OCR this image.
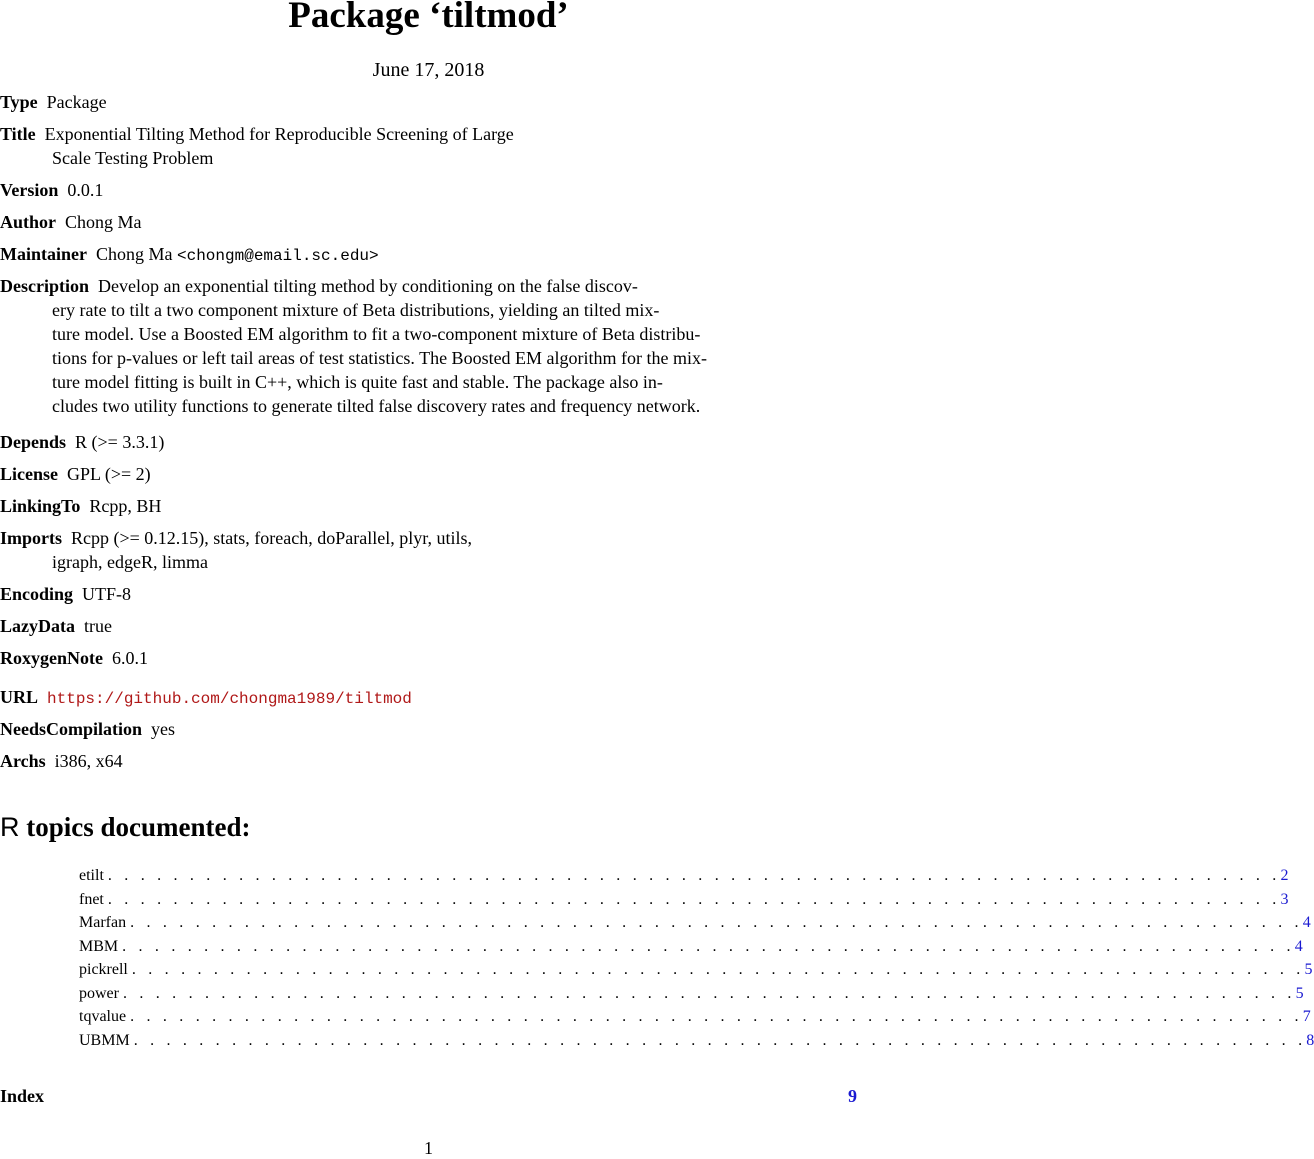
Package ‘tiltmod’
June 17, 2018
Type Package
Title Exponential Tilting Method for Reproducible Screening of Large
Scale Testing Problem
Version 0.0.1
Author Chong Ma
Maintainer Chong Ma <chongm@email.sc.edu>
Description Develop an exponential tilting method by conditioning on the false discov-
ery rate to tilt a two component mixture of Beta distributions, yielding an tilted mix-
ture model. Use a Boosted EM algorithm to fit a two-component mixture of Beta distribu-
tions for p-values or left tail areas of test statistics. The Boosted EM algorithm for the mix-
ture model fitting is built in C++, which is quite fast and stable. The package also in-
cludes two utility functions to generate tilted false discovery rates and frequency network.
Depends R (>= 3.3.1)
License GPL (>= 2)
LinkingTo Rcpp, BH
Imports Rcpp (>= 0.12.15), stats, foreach, doParallel, plyr, utils,
igraph, edgeR, limma
Encoding UTF-8
LazyData true
RoxygenNote 6.0.1
URL https://github.com/chongma1989/tiltmod
NeedsCompilation yes
Archs i386, x64
R topics documented:
etilt . . . . . . . . . . . . . . . . . . . . . . . . . . . . . . . . . . . . . . . . . . . . . . . . . . . . . . . . . . . . . . . . . . . . . . . . 2
fnet . . . . . . . . . . . . . . . . . . . . . . . . . . . . . . . . . . . . . . . . . . . . . . . . . . . . . . . . . . . . . . . . . . . . . . . . 3
Marfan . . . . . . . . . . . . . . . . . . . . . . . . . . . . . . . . . . . . . . . . . . . . . . . . . . . . . . . . . . . . . . . . . . . . . . . . 4
MBM . . . . . . . . . . . . . . . . . . . . . . . . . . . . . . . . . . . . . . . . . . . . . . . . . . . . . . . . . . . . . . . . . . . . . . . . 4
pickrell . . . . . . . . . . . . . . . . . . . . . . . . . . . . . . . . . . . . . . . . . . . . . . . . . . . . . . . . . . . . . . . . . . . . . . . . 5
power . . . . . . . . . . . . . . . . . . . . . . . . . . . . . . . . . . . . . . . . . . . . . . . . . . . . . . . . . . . . . . . . . . . . . . . . 5
tqvalue . . . . . . . . . . . . . . . . . . . . . . . . . . . . . . . . . . . . . . . . . . . . . . . . . . . . . . . . . . . . . . . . . . . . . . . . 7
UBMM . . . . . . . . . . . . . . . . . . . . . . . . . . . . . . . . . . . . . . . . . . . . . . . . . . . . . . . . . . . . . . . . . . . . . . . . 8
Index	9
1
